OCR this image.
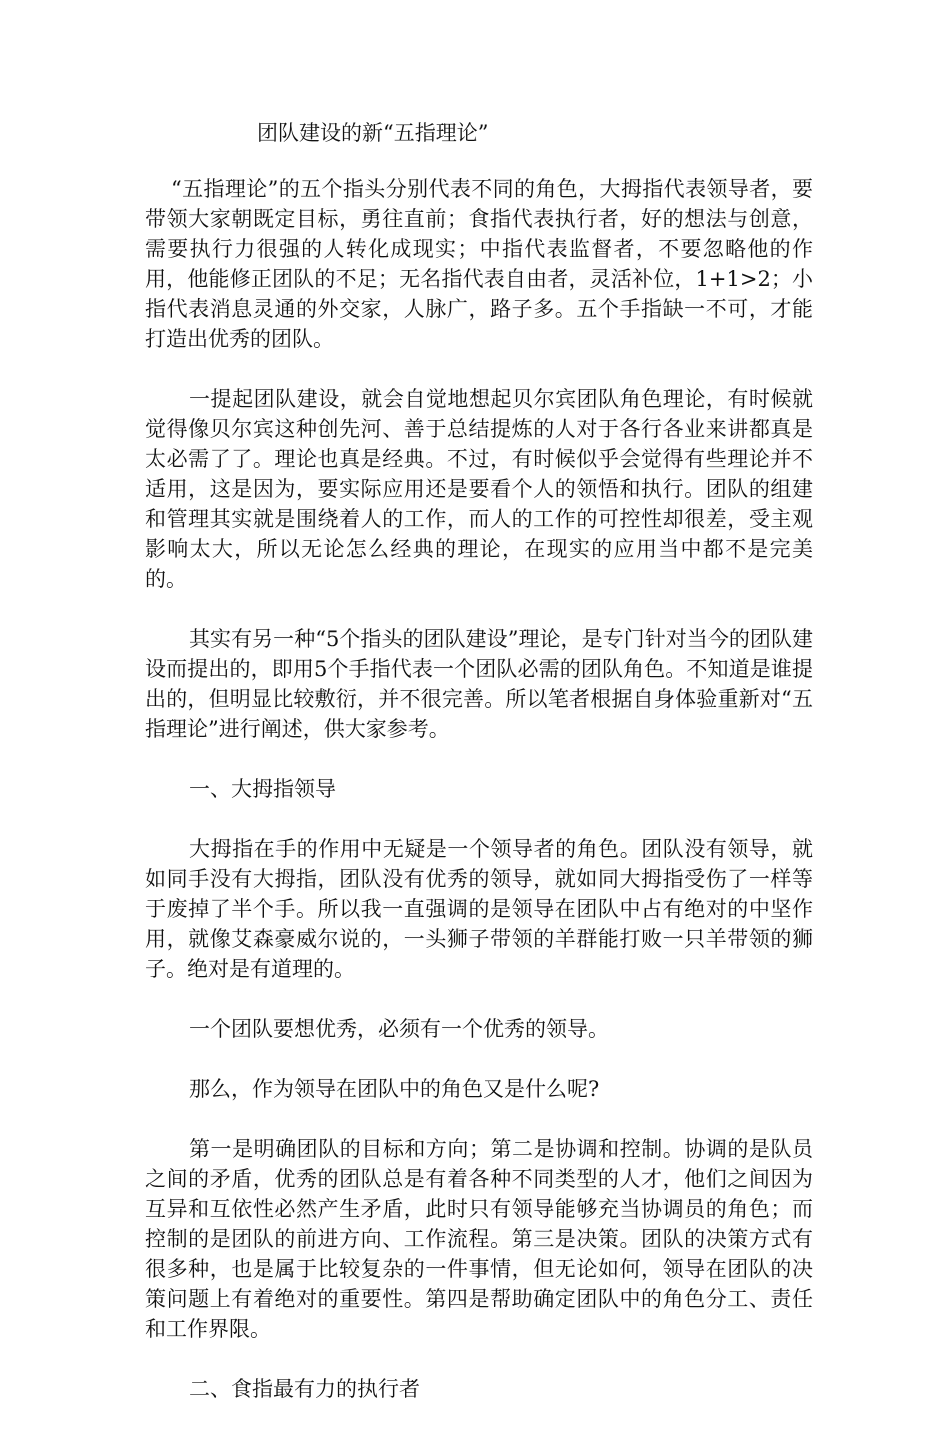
团队建设的新“五指理论”

“五指理论”的五个指头分别代表不同的角色，大拇指代表领导者，要带领大家朝既定目标，勇往直前；食指代表执行者，好的想法与创意，需要执行力很强的人转化成现实；中指代表监督者，不要忽略他的作用，他能修正团队的不足；无名指代表自由者，灵活补位，1+1>2；小指代表消息灵通的外交家，人脉广，路子多。五个手指缺一不可，才能打造出优秀的团队。

一提起团队建设，就会自觉地想起贝尔宾团队角色理论，有时候就觉得像贝尔宾这种创先河、善于总结提炼的人对于各行各业来讲都真是太必需了了。理论也真是经典。不过，有时候似乎会觉得有些理论并不适用，这是因为，要实际应用还是要看个人的领悟和执行。团队的组建和管理其实就是围绕着人的工作，而人的工作的可控性却很差，受主观影响太大，所以无论怎么经典的理论，在现实的应用当中都不是完美的。

其实有另一种“5个指头的团队建设”理论，是专门针对当今的团队建设而提出的，即用5个手指代表一个团队必需的团队角色。不知道是谁提出的，但明显比较敷衍，并不很完善。所以笔者根据自身体验重新对“五指理论”进行阐述，供大家参考。

一、大拇指领导

大拇指在手的作用中无疑是一个领导者的角色。团队没有领导，就如同手没有大拇指，团队没有优秀的领导，就如同大拇指受伤了一样等于废掉了半个手。所以我一直强调的是领导在团队中占有绝对的中坚作用，就像艾森豪威尔说的，一头狮子带领的羊群能打败一只羊带领的狮子。绝对是有道理的。

一个团队要想优秀，必须有一个优秀的领导。

那么，作为领导在团队中的角色又是什么呢?

第一是明确团队的目标和方向；第二是协调和控制。协调的是队员之间的矛盾，优秀的团队总是有着各种不同类型的人才，他们之间因为互异和互依性必然产生矛盾，此时只有领导能够充当协调员的角色；而控制的是团队的前进方向、工作流程。第三是决策。团队的决策方式有很多种，也是属于比较复杂的一件事情，但无论如何，领导在团队的决策问题上有着绝对的重要性。第四是帮助确定团队中的角色分工、责任和工作界限。

二、食指最有力的执行者
